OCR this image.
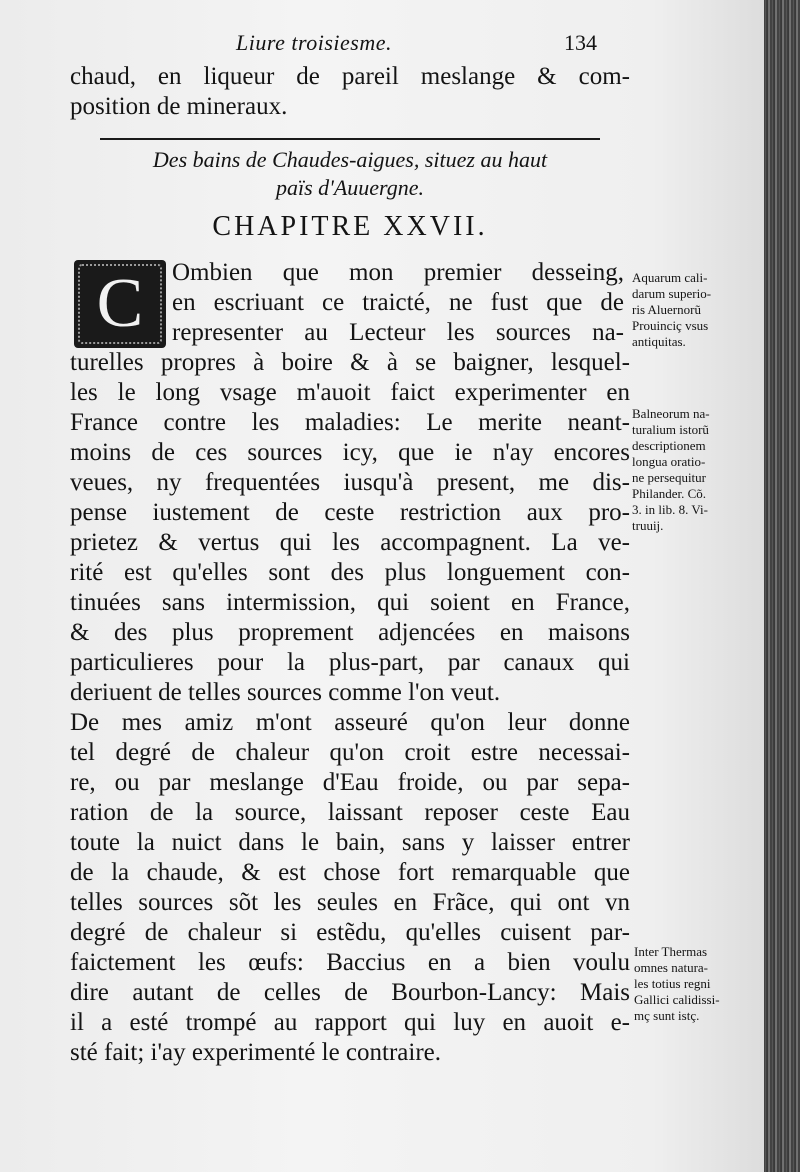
Liure troisiesme.	134
chaud, en liqueur de pareil meslange & com-
position de mineraux.
Des bains de Chaudes-aigues, situez au haut
païs d'Auuergne.
CHAPITRE XXVII.
C	Ombien que mon premier desseing,
en escriuant ce traicté, ne fust que de
representer au Lecteur les sources na-
turelles propres à boire & à se baigner, lesquel-
les le long vsage m'auoit faict experimenter en
France contre les maladies: Le merite neant-
moins de ces sources icy, que ie n'ay encores
veues, ny frequentées iusqu'à present, me dis-
pense iustement de ceste restriction aux pro-
prietez & vertus qui les accompagnent. La ve-
rité est qu'elles sont des plus longuement con-
tinuées sans intermission, qui soient en France,
& des plus proprement adjencées en maisons
particulieres pour la plus-part, par canaux qui
deriuent de telles sources comme l'on veut.
De mes amiz m'ont asseuré qu'on leur donne
tel degré de chaleur qu'on croit estre necessai-
re, ou par meslange d'Eau froide, ou par sepa-
ration de la source, laissant reposer ceste Eau
toute la nuict dans le bain, sans y laisser entrer
de la chaude, & est chose fort remarquable que
telles sources sõt les seules en Frãce, qui ont vn
degré de chaleur si estẽdu, qu'elles cuisent par-
faictement les œufs: Baccius en a bien voulu
dire autant de celles de Bourbon-Lancy: Mais
il a esté trompé au rapport qui luy en auoit e-
sté fait; i'ay experimenté le contraire.
Aquarum cali-
darum superio-
ris Aluernorũ
Prouinciç vsus
antiquitas.
Balneorum na-
turalium istorũ
descriptionem
longua oratio-
ne persequitur
Philander. Cõ.
3. in lib. 8. Vi-
truuij.
Inter Thermas
omnes natura-
les totius regni
Gallici calidissi-
mç sunt istç.
